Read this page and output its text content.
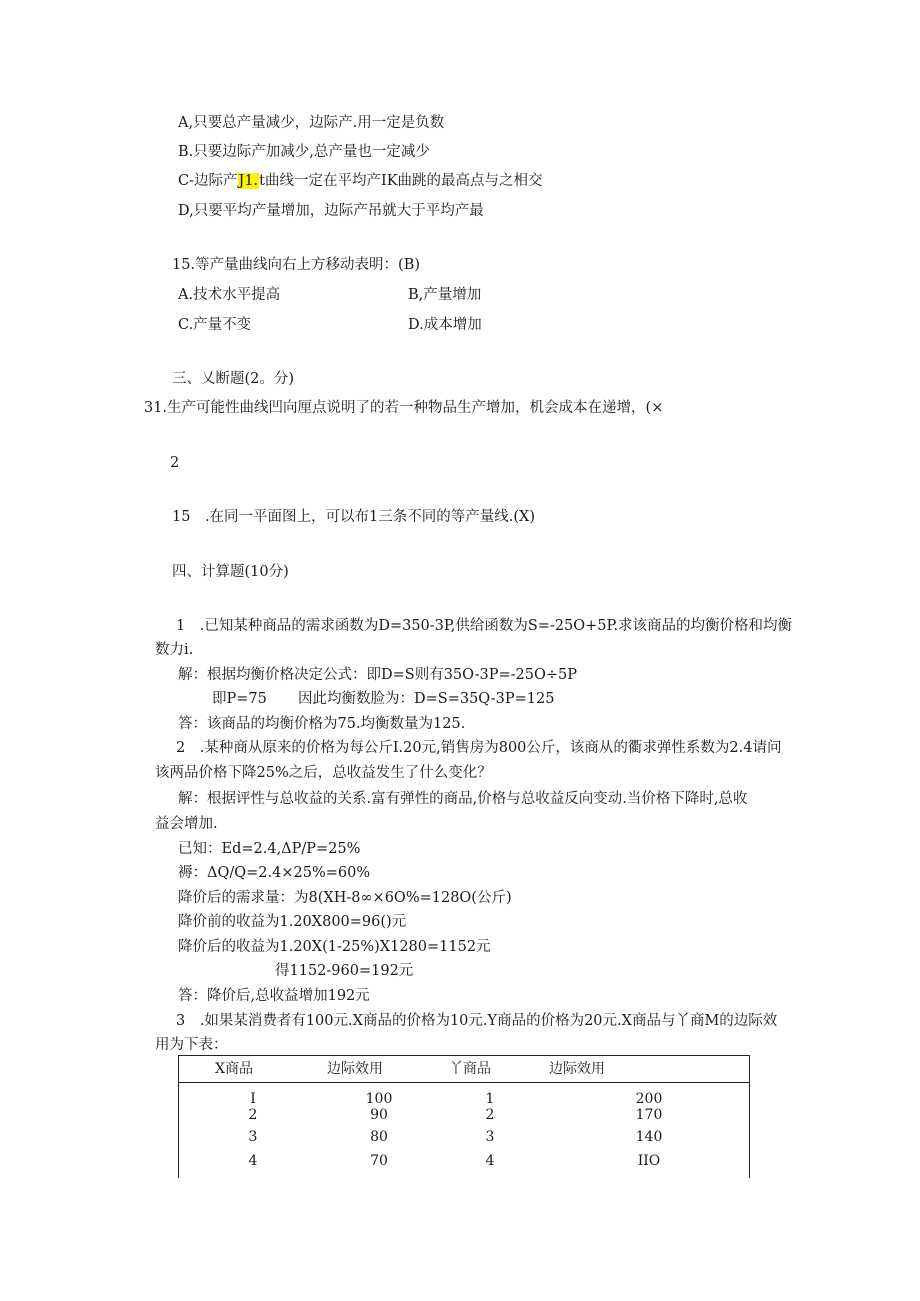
A,只要总产量减少，边际产.用一定是负数
B.只要边际产加减少,总产量也一定减少
C-边际产J1.t曲线一定在平均产IK曲跳的最高点与之相交
D,只要平均产量增加，边际产吊就大于平均产最
15.等产量曲线向右上方移动表明：(B)
A.技术水平提高	B,产量增加
C.产量不变	D.成本增加
三、乂断题(2。分)
31.生产可能性曲线凹向厘点说明了的若一种物品生产增加，机会成本在递增，(×
2
15　.在同一平面图上，可以布1三条不同的等产量线.(X)
四、计算题(10分)
1　.已知某种商品的需求函数为D=350-3P,供给函数为S=-25O+5P.求该商品的均衡价格和均衡
数力i.
解：根据均衡价格决定公式：即D=S则有35O-3P=-25O÷5P
即P=75 因此均衡数脸为：D=S=35Q-3P=125
答：该商品的均衡价格为75.均衡数量为125.
2　.某种商从原来的价格为每公斤I.20元,销售房为800公斤，该商从的衢求弹性系数为2.4请问
该两品价格下降25%之后，总收益发生了什么变化？
解：根据评性与总收益的关系.富有弹性的商品,价格与总收益反向变动.当价格下降时,总收
益会增加.
已知：Ed=2.4,ΔP/P=25%
褥：ΔQ/Q=2.4×25%=60%
降价后的需求量：为8(XH-8∞×6O%=128O(公斤)
降价前的收益为1.20X800=96()元
降价后的收益为1.20X(1-25%)X1280=1152元
得1152-960=192元
答：降价后,总收益增加192元
3　.如果某消费者有100元.X商品的价格为10元.Y商品的价格为20元.X商品与丫商M的边际效
用为下表：
X商品	边际效用	丫商品	边际效用
I	100	1	200
2	90	2	170
3	80	3	140
4	70	4	IIO
